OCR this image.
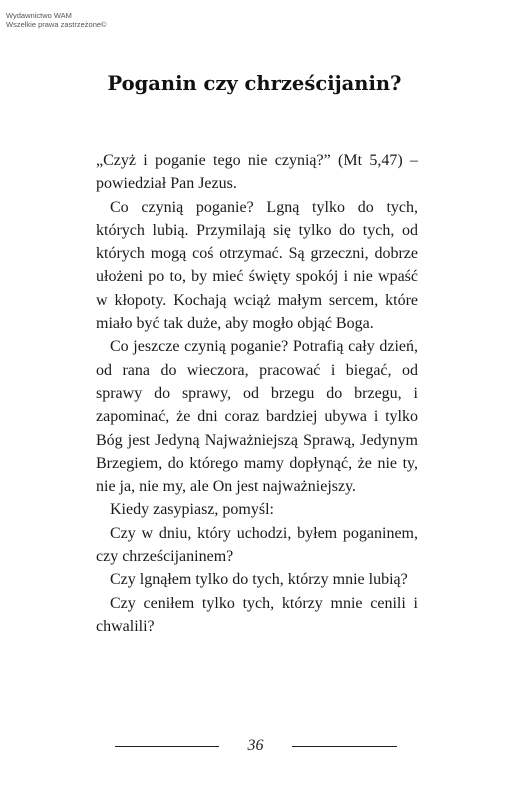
Wydawnictwo WAM
Wszelkie prawa zastrzeżone©
Poganin czy chrześcijanin?

„Czyż i poganie tego nie czynią?” (Mt 5,47) – powiedział Pan Jezus.

Co czynią poganie? Lgną tylko do tych, których lubią. Przymilają się tylko do tych, od których mogą coś otrzymać. Są grzeczni, dobrze ułożeni po to, by mieć święty spokój i nie wpaść w kłopoty. Kochają wciąż małym sercem, które miało być tak duże, aby mogło objąć Boga.

Co jeszcze czynią poganie? Potrafią cały dzień, od rana do wieczora, pracować i biegać, od sprawy do sprawy, od brzegu do brzegu, i zapominać, że dni coraz bardziej ubywa i tylko Bóg jest Jedyną Najważniejszą Sprawą, Jedynym Brzegiem, do którego mamy dopłynąć, że nie ty, nie ja, nie my, ale On jest najważniejszy.

Kiedy zasypiasz, pomyśl:

Czy w dniu, który uchodzi, byłem poganinem, czy chrześcijaninem?

Czy lgnąłem tylko do tych, którzy mnie lubią?

Czy ceniłem tylko tych, którzy mnie cenili i chwalili?

36
